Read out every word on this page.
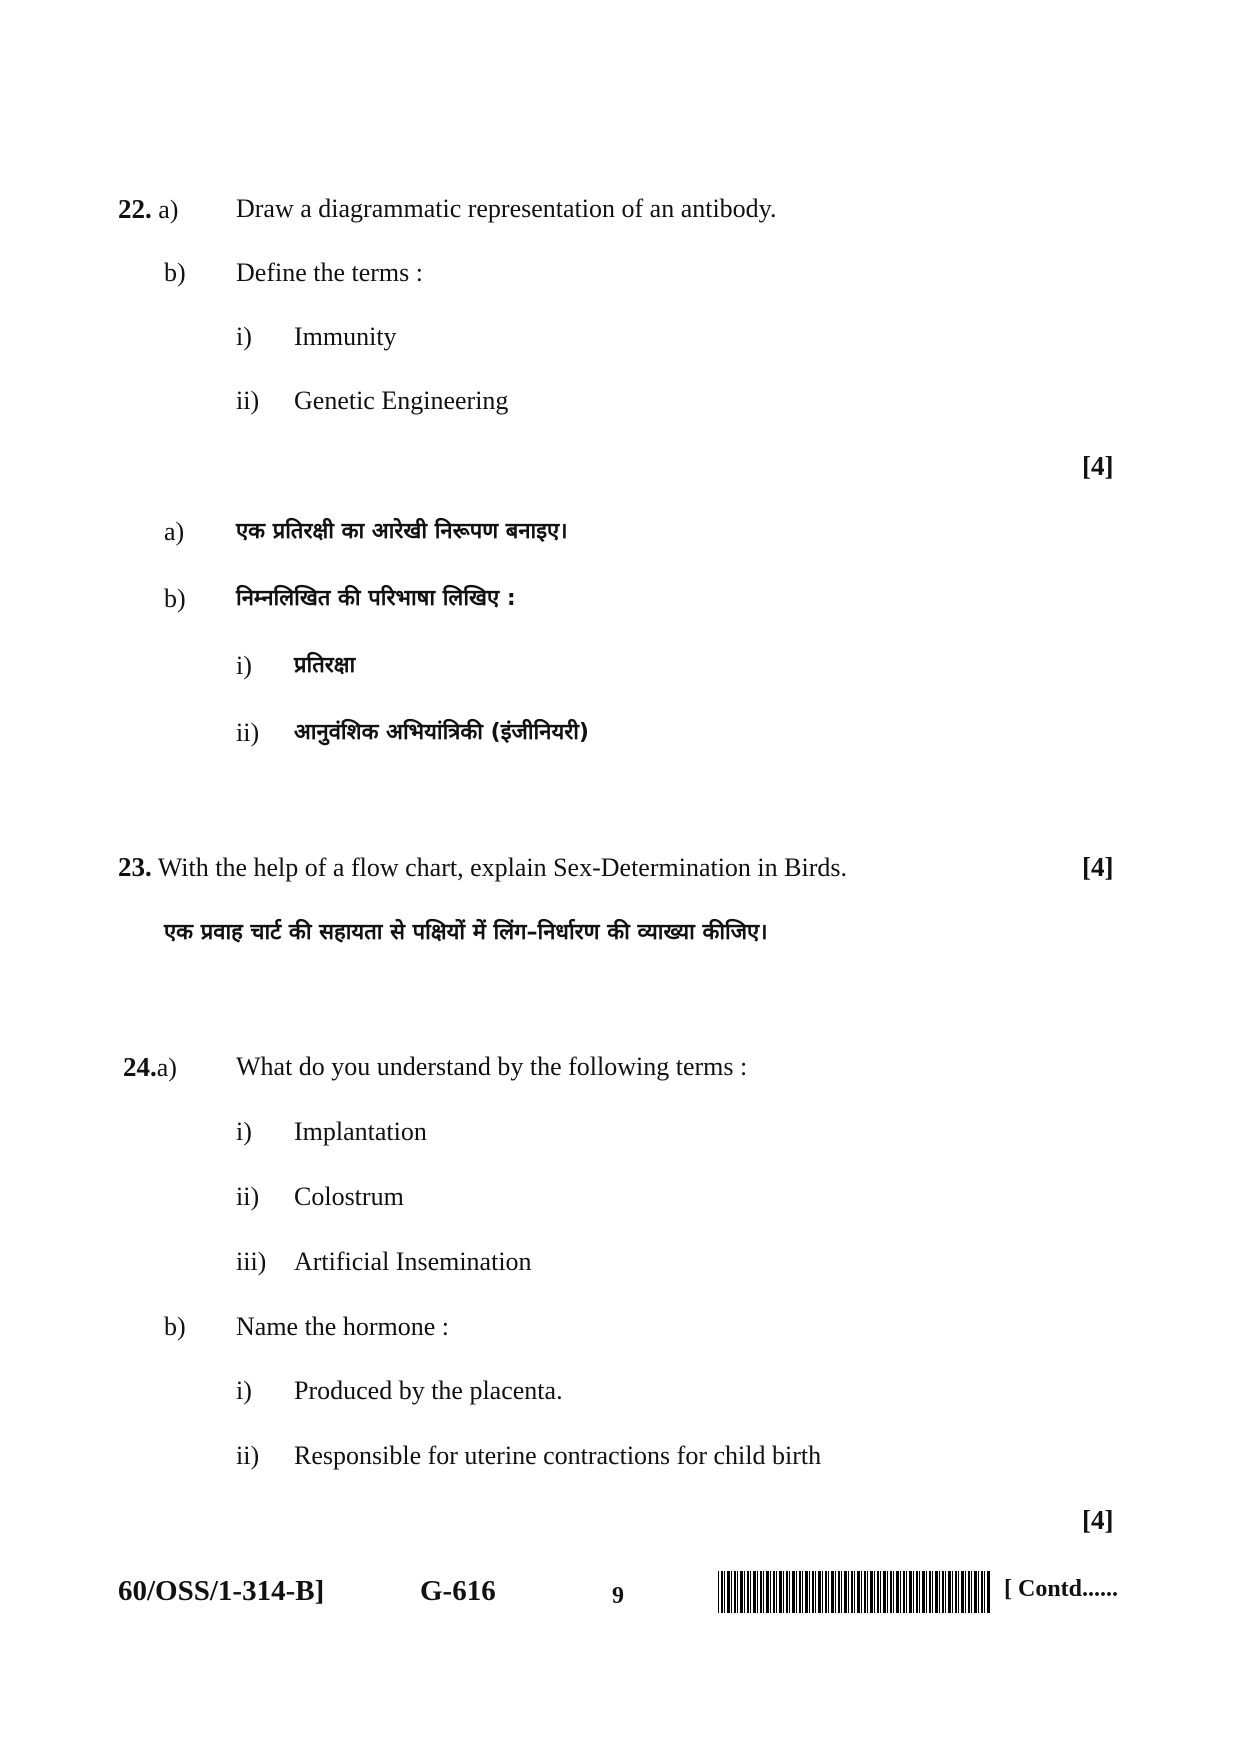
22. a) Draw a diagrammatic representation of an antibody.
b) Define the terms :
i) Immunity
ii) Genetic Engineering
[4]
a) एक प्रतिरक्षी का आरेखी निरूपण बनाइए।
b) निम्नलिखित की परिभाषा लिखिए :
i) प्रतिरक्षा
ii) आनुवंशिक अभियांत्रिकी (इंजीनियरी)
23. With the help of a flow chart, explain Sex-Determination in Birds.	[4]
एक प्रवाह चार्ट की सहायता से पक्षियों में लिंग–निर्धारण की व्याख्या कीजिए।
24.a) What do you understand by the following terms :
i) Implantation
ii) Colostrum
iii) Artificial Insemination
b) Name the hormone :
i) Produced by the placenta.
ii) Responsible for uterine contractions for child birth
[4]
60/OSS/1-314-B]	G-616	9	[ Contd......
